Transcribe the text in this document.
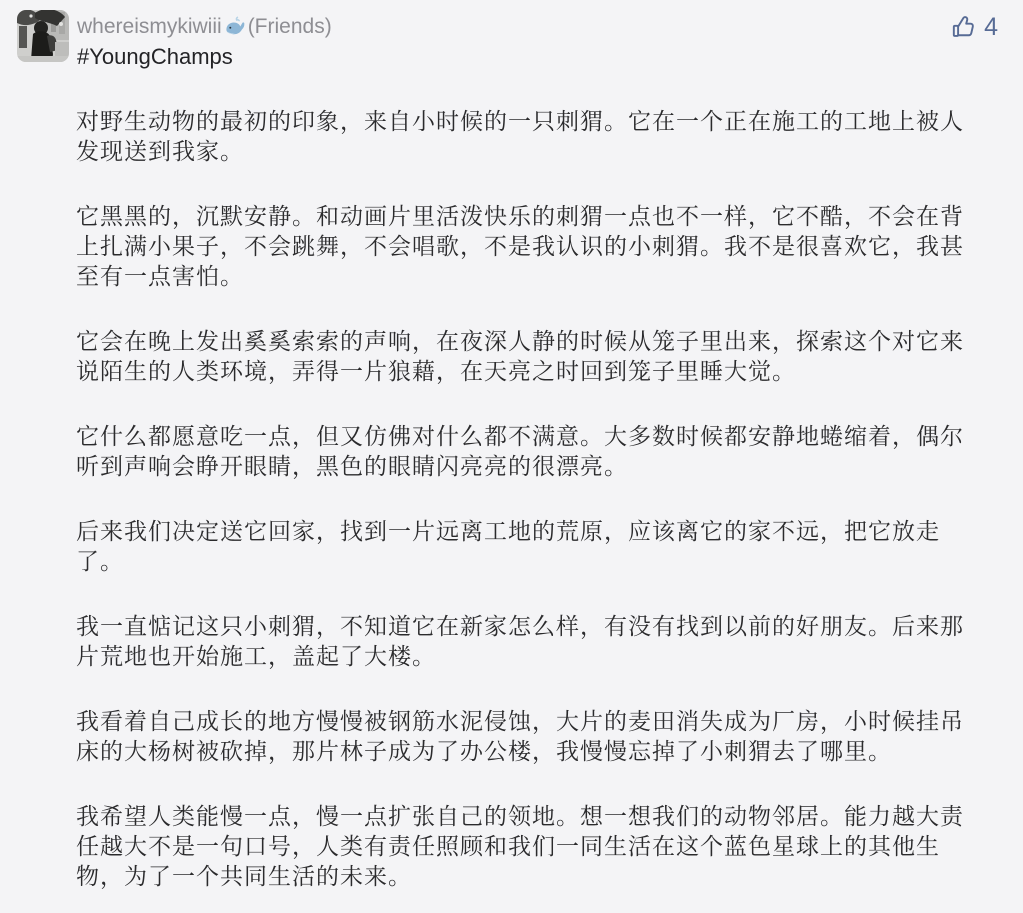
whereismykiwiii (Friends)
#YoungChamps
4

对野生动物的最初的印象，来自小时候的一只刺猬。它在一个正在施工的工地上被人发现送到我家。

它黑黑的，沉默安静。和动画片里活泼快乐的刺猬一点也不一样，它不酷，不会在背上扎满小果子，不会跳舞，不会唱歌，不是我认识的小刺猬。我不是很喜欢它，我甚至有一点害怕。

它会在晚上发出奚奚索索的声响，在夜深人静的时候从笼子里出来，探索这个对它来说陌生的人类环境，弄得一片狼藉，在天亮之时回到笼子里睡大觉。

它什么都愿意吃一点，但又仿佛对什么都不满意。大多数时候都安静地蜷缩着，偶尔听到声响会睁开眼睛，黑色的眼睛闪亮亮的很漂亮。

后来我们决定送它回家，找到一片远离工地的荒原，应该离它的家不远，把它放走了。

我一直惦记这只小刺猬，不知道它在新家怎么样，有没有找到以前的好朋友。后来那片荒地也开始施工，盖起了大楼。

我看着自己成长的地方慢慢被钢筋水泥侵蚀，大片的麦田消失成为厂房，小时候挂吊床的大杨树被砍掉，那片林子成为了办公楼，我慢慢忘掉了小刺猬去了哪里。

我希望人类能慢一点，慢一点扩张自己的领地。想一想我们的动物邻居。能力越大责任越大不是一句口号，人类有责任照顾和我们一同生活在这个蓝色星球上的其他生物，为了一个共同生活的未来。
